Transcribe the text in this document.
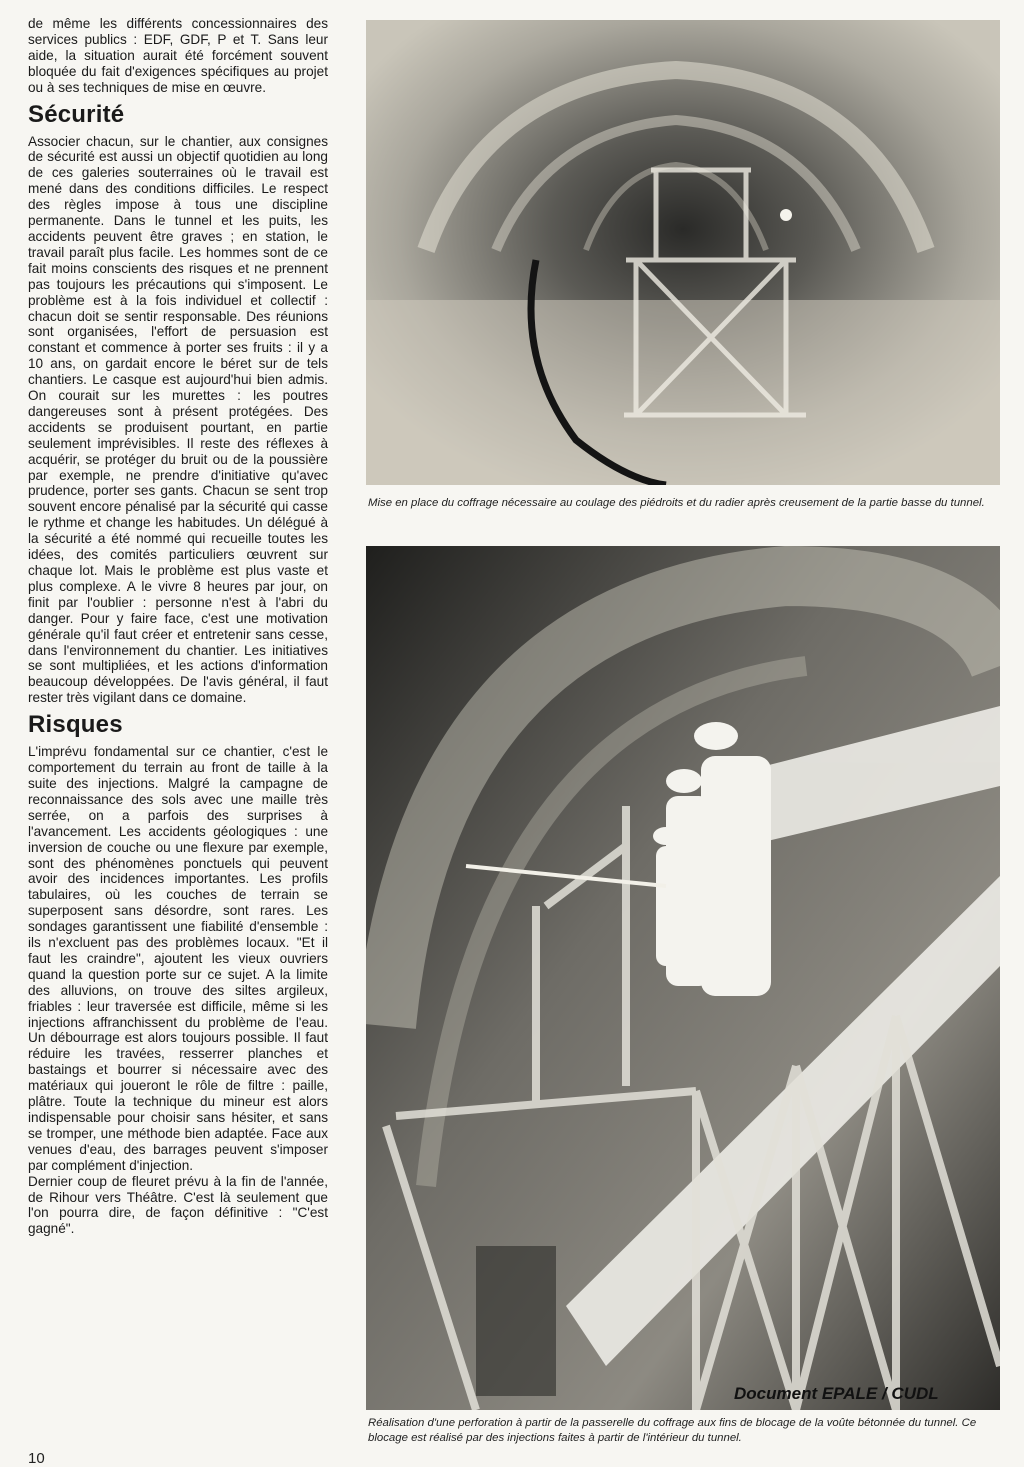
de même les différents concessionnaires des services publics : EDF, GDF, P et T. Sans leur aide, la situation aurait été forcément souvent bloquée du fait d'exigences spécifiques au projet ou à ses techniques de mise en œuvre.

Sécurité

Associer chacun, sur le chantier, aux consignes de sécurité est aussi un objectif quotidien au long de ces galeries souterraines où le travail est mené dans des conditions difficiles. Le respect des règles impose à tous une discipline permanente. Dans le tunnel et les puits, les accidents peuvent être graves ; en station, le travail paraît plus facile. Les hommes sont de ce fait moins conscients des risques et ne prennent pas toujours les précautions qui s'imposent. Le problème est à la fois individuel et collectif : chacun doit se sentir responsable. Des réunions sont organisées, l'effort de persuasion est constant et commence à porter ses fruits : il y a 10 ans, on gardait encore le béret sur de tels chantiers. Le casque est aujourd'hui bien admis. On courait sur les murettes : les poutres dangereuses sont à présent protégées. Des accidents se produisent pourtant, en partie seulement imprévisibles. Il reste des réflexes à acquérir, se protéger du bruit ou de la poussière par exemple, ne prendre d'initiative qu'avec prudence, porter ses gants. Chacun se sent trop souvent encore pénalisé par la sécurité qui casse le rythme et change les habitudes. Un délégué à la sécurité a été nommé qui recueille toutes les idées, des comités particuliers œuvrent sur chaque lot. Mais le problème est plus vaste et plus complexe. A le vivre 8 heures par jour, on finit par l'oublier : personne n'est à l'abri du danger. Pour y faire face, c'est une motivation générale qu'il faut créer et entretenir sans cesse, dans l'environnement du chantier. Les initiatives se sont multipliées, et les actions d'information beaucoup développées. De l'avis général, il faut rester très vigilant dans ce domaine.

Risques

L'imprévu fondamental sur ce chantier, c'est le comportement du terrain au front de taille à la suite des injections. Malgré la campagne de reconnaissance des sols avec une maille très serrée, on a parfois des surprises à l'avancement. Les accidents géologiques : une inversion de couche ou une flexure par exemple, sont des phénomènes ponctuels qui peuvent avoir des incidences importantes. Les profils tabulaires, où les couches de terrain se superposent sans désordre, sont rares. Les sondages garantissent une fiabilité d'ensemble : ils n'excluent pas des problèmes locaux. "Et il faut les craindre", ajoutent les vieux ouvriers quand la question porte sur ce sujet. A la limite des alluvions, on trouve des siltes argileux, friables : leur traversée est difficile, même si les injections affranchissent du problème de l'eau. Un débourrage est alors toujours possible. Il faut réduire les travées, resserrer planches et bastaings et bourrer si nécessaire avec des matériaux qui joueront le rôle de filtre : paille, plâtre. Toute la technique du mineur est alors indispensable pour choisir sans hésiter, et sans se tromper, une méthode bien adaptée. Face aux venues d'eau, des barrages peuvent s'imposer par complément d'injection.

Dernier coup de fleuret prévu à la fin de l'année, de Rihour vers Théâtre. C'est là seulement que l'on pourra dire, de façon définitive : "C'est gagné".

Mise en place du coffrage nécessaire au coulage des piédroits et du radier après creusement de la partie basse du tunnel.

Document EPALE / CUDL

Réalisation d'une perforation à partir de la passerelle du coffrage aux fins de blocage de la voûte bétonnée du tunnel. Ce blocage est réalisé par des injections faites à partir de l'intérieur du tunnel.

10
